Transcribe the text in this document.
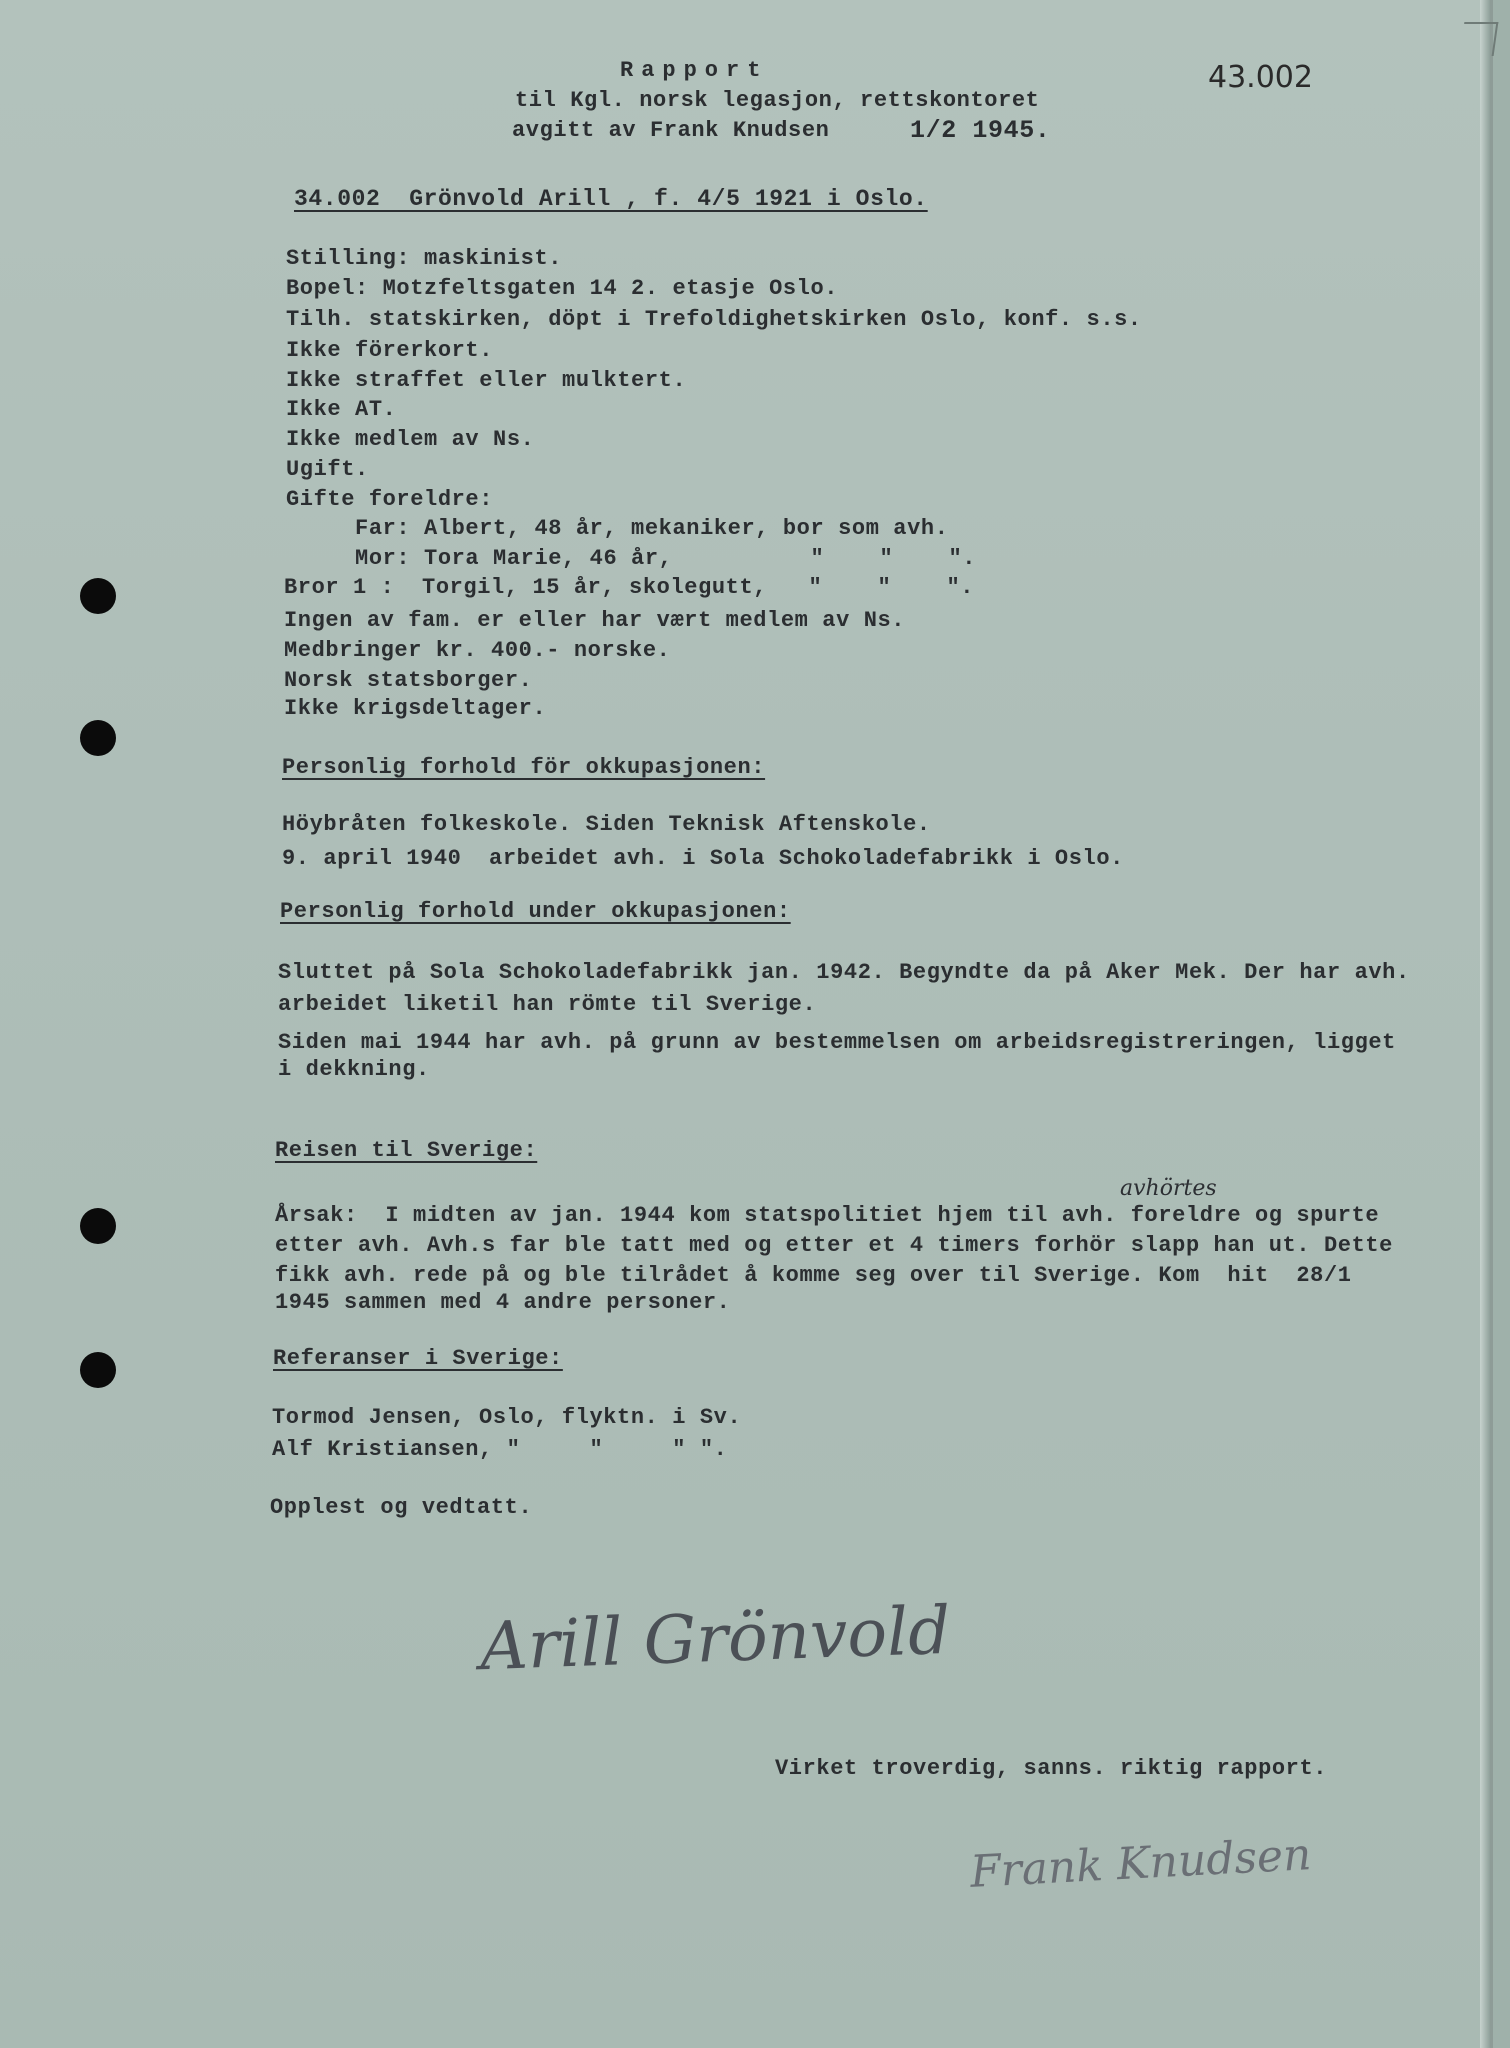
43.002
Rapport
til Kgl. norsk legasjon, rettskontoret
avgitt av Frank Knudsen	1/2 1945.
34.002  Grönvold Arill , f. 4/5 1921 i Oslo.
Stilling: maskinist.
Bopel: Motzfeltsgaten 14 2. etasje Oslo.
Tilh. statskirken, döpt i Trefoldighetskirken Oslo, konf. s.s.
Ikke förerkort.
Ikke straffet eller mulktert.
Ikke AT.
Ikke medlem av Ns.
Ugift.
Gifte foreldre:
Far: Albert, 48 år, mekaniker, bor som avh.
Mor: Tora Marie, 46 år,          "    "    ".
Bror 1 :  Torgil, 15 år, skolegutt,   "    "    ".
Ingen av fam. er eller har vært medlem av Ns.
Medbringer kr. 400.- norske.
Norsk statsborger.
Ikke krigsdeltager.
Personlig forhold för okkupasjonen:
Höybråten folkeskole. Siden Teknisk Aftenskole.
9. april 1940  arbeidet avh. i Sola Schokoladefabrikk i Oslo.
Personlig forhold under okkupasjonen:
Sluttet på Sola Schokoladefabrikk jan. 1942. Begyndte da på Aker Mek. Der har avh.
arbeidet liketil han römte til Sverige.
Siden mai 1944 har avh. på grunn av bestemmelsen om arbeidsregistreringen, ligget
i dekkning.
Reisen til Sverige:
avhörtes
Årsak:  I midten av jan. 1944 kom statspolitiet hjem til avh. foreldre og spurte
etter avh. Avh.s far ble tatt med og etter et 4 timers forhör slapp han ut. Dette
fikk avh. rede på og ble tilrådet å komme seg over til Sverige. Kom  hit  28/1
1945 sammen med 4 andre personer.
Referanser i Sverige:
Tormod Jensen, Oslo, flyktn. i Sv.
Alf Kristiansen, "     "     " ".
Opplest og vedtatt.
Arill Grönvold
Virket troverdig, sanns. riktig rapport.
Frank Knudsen
